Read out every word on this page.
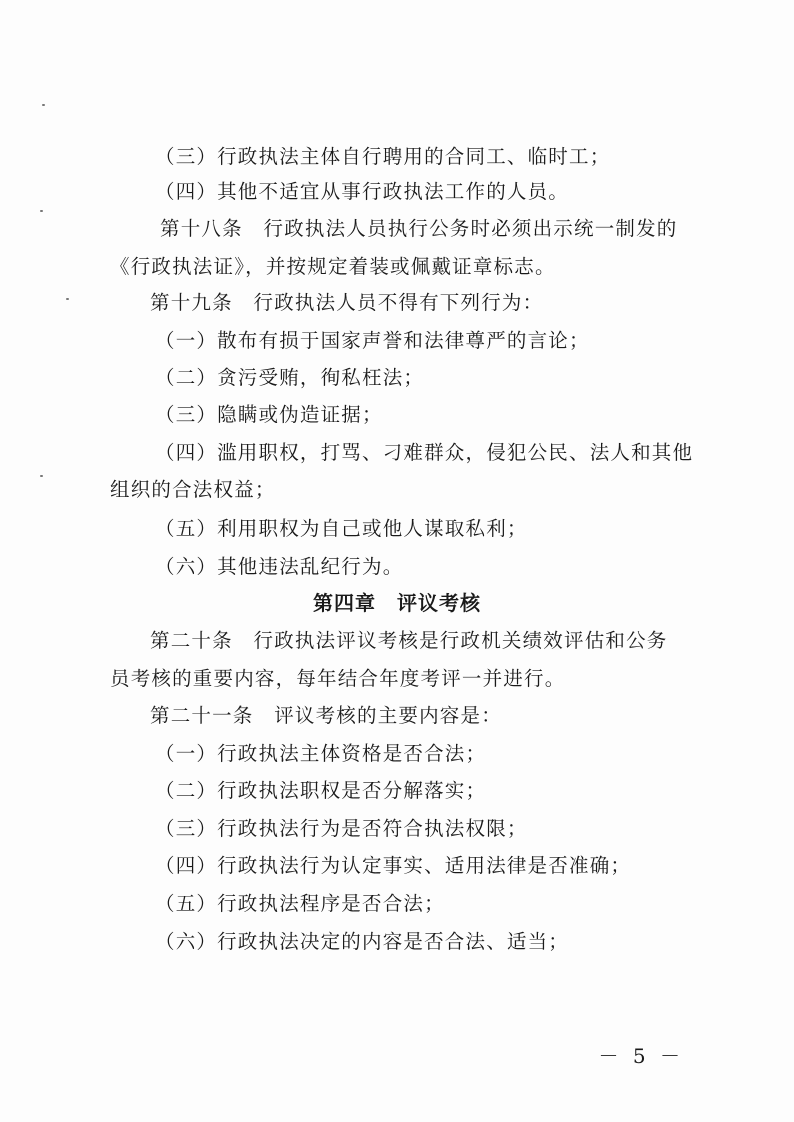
（三）行政执法主体自行聘用的合同工、临时工；
（四）其他不适宜从事行政执法工作的人员。
第十八条　行政执法人员执行公务时必须出示统一制发的
《行政执法证》，并按规定着装或佩戴证章标志。
第十九条　行政执法人员不得有下列行为：
（一）散布有损于国家声誉和法律尊严的言论；
（二）贪污受贿，徇私枉法；
（三）隐瞒或伪造证据；
（四）滥用职权，打骂、刁难群众，侵犯公民、法人和其他
组织的合法权益；
（五）利用职权为自己或他人谋取私利；
（六）其他违法乱纪行为。
第四章　评议考核
第二十条　行政执法评议考核是行政机关绩效评估和公务
员考核的重要内容，每年结合年度考评一并进行。
第二十一条　评议考核的主要内容是：
（一）行政执法主体资格是否合法；
（二）行政执法职权是否分解落实；
（三）行政执法行为是否符合执法权限；
（四）行政执法行为认定事实、适用法律是否准确；
（五）行政执法程序是否合法；
（六）行政执法决定的内容是否合法、适当；
－ 5 －
